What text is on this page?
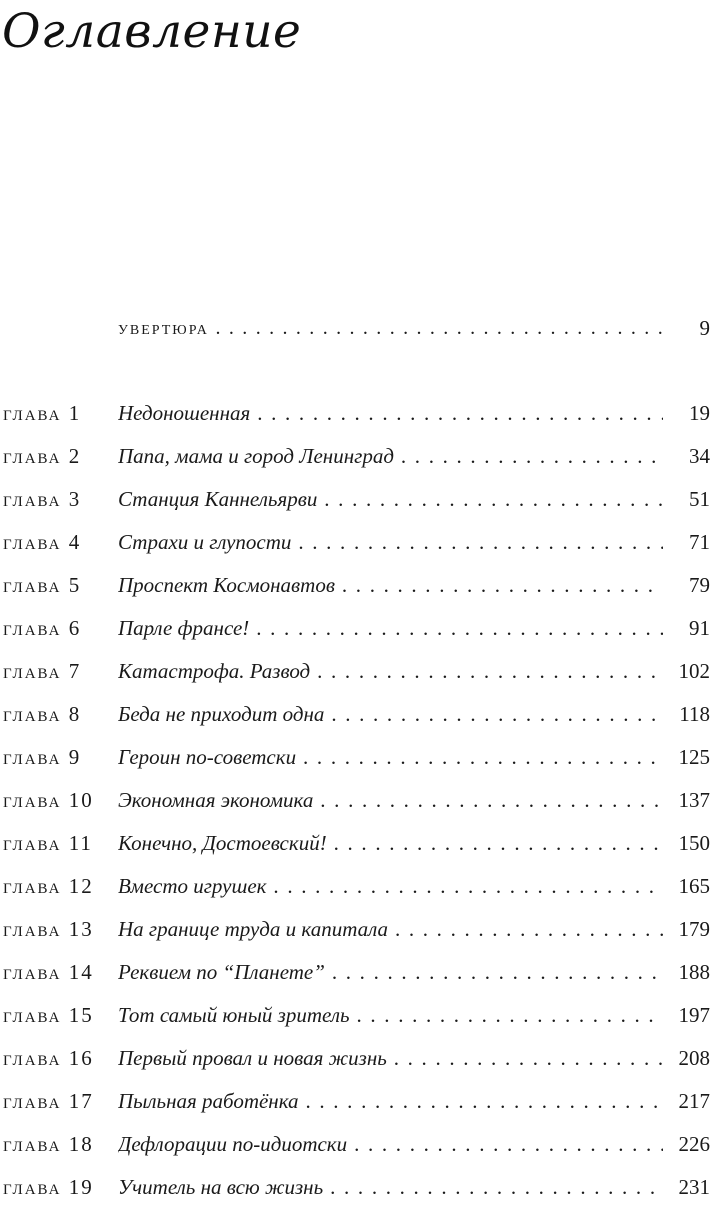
Оглавление
увертюра . . .	9
глава 1 Недоношенная . . .	19
глава 2 Папа, мама и город Ленинград . . .	34
глава 3 Станция Каннельярви . . .	51
глава 4 Страхи и глупости . . .	71
глава 5 Проспект Космонавтов . . .	79
глава 6 Парле франсе! . . .	91
глава 7 Катастрофа. Развод . . .	102
глава 8 Беда не приходит одна . . .	118
глава 9 Героин по-советски . . .	125
глава 10 Экономная экономика . . .	137
глава 11 Конечно, Достоевский! . . .	150
глава 12 Вместо игрушек . . .	165
глава 13 На границе труда и капитала . . .	179
глава 14 Реквием по “Планете” . . .	188
глава 15 Тот самый юный зритель . . .	197
глава 16 Первый провал и новая жизнь . . .	208
глава 17 Пыльная работёнка . . .	217
глава 18 Дефлорации по-идиотски . . .	226
глава 19 Учитель на всю жизнь . . .	231
